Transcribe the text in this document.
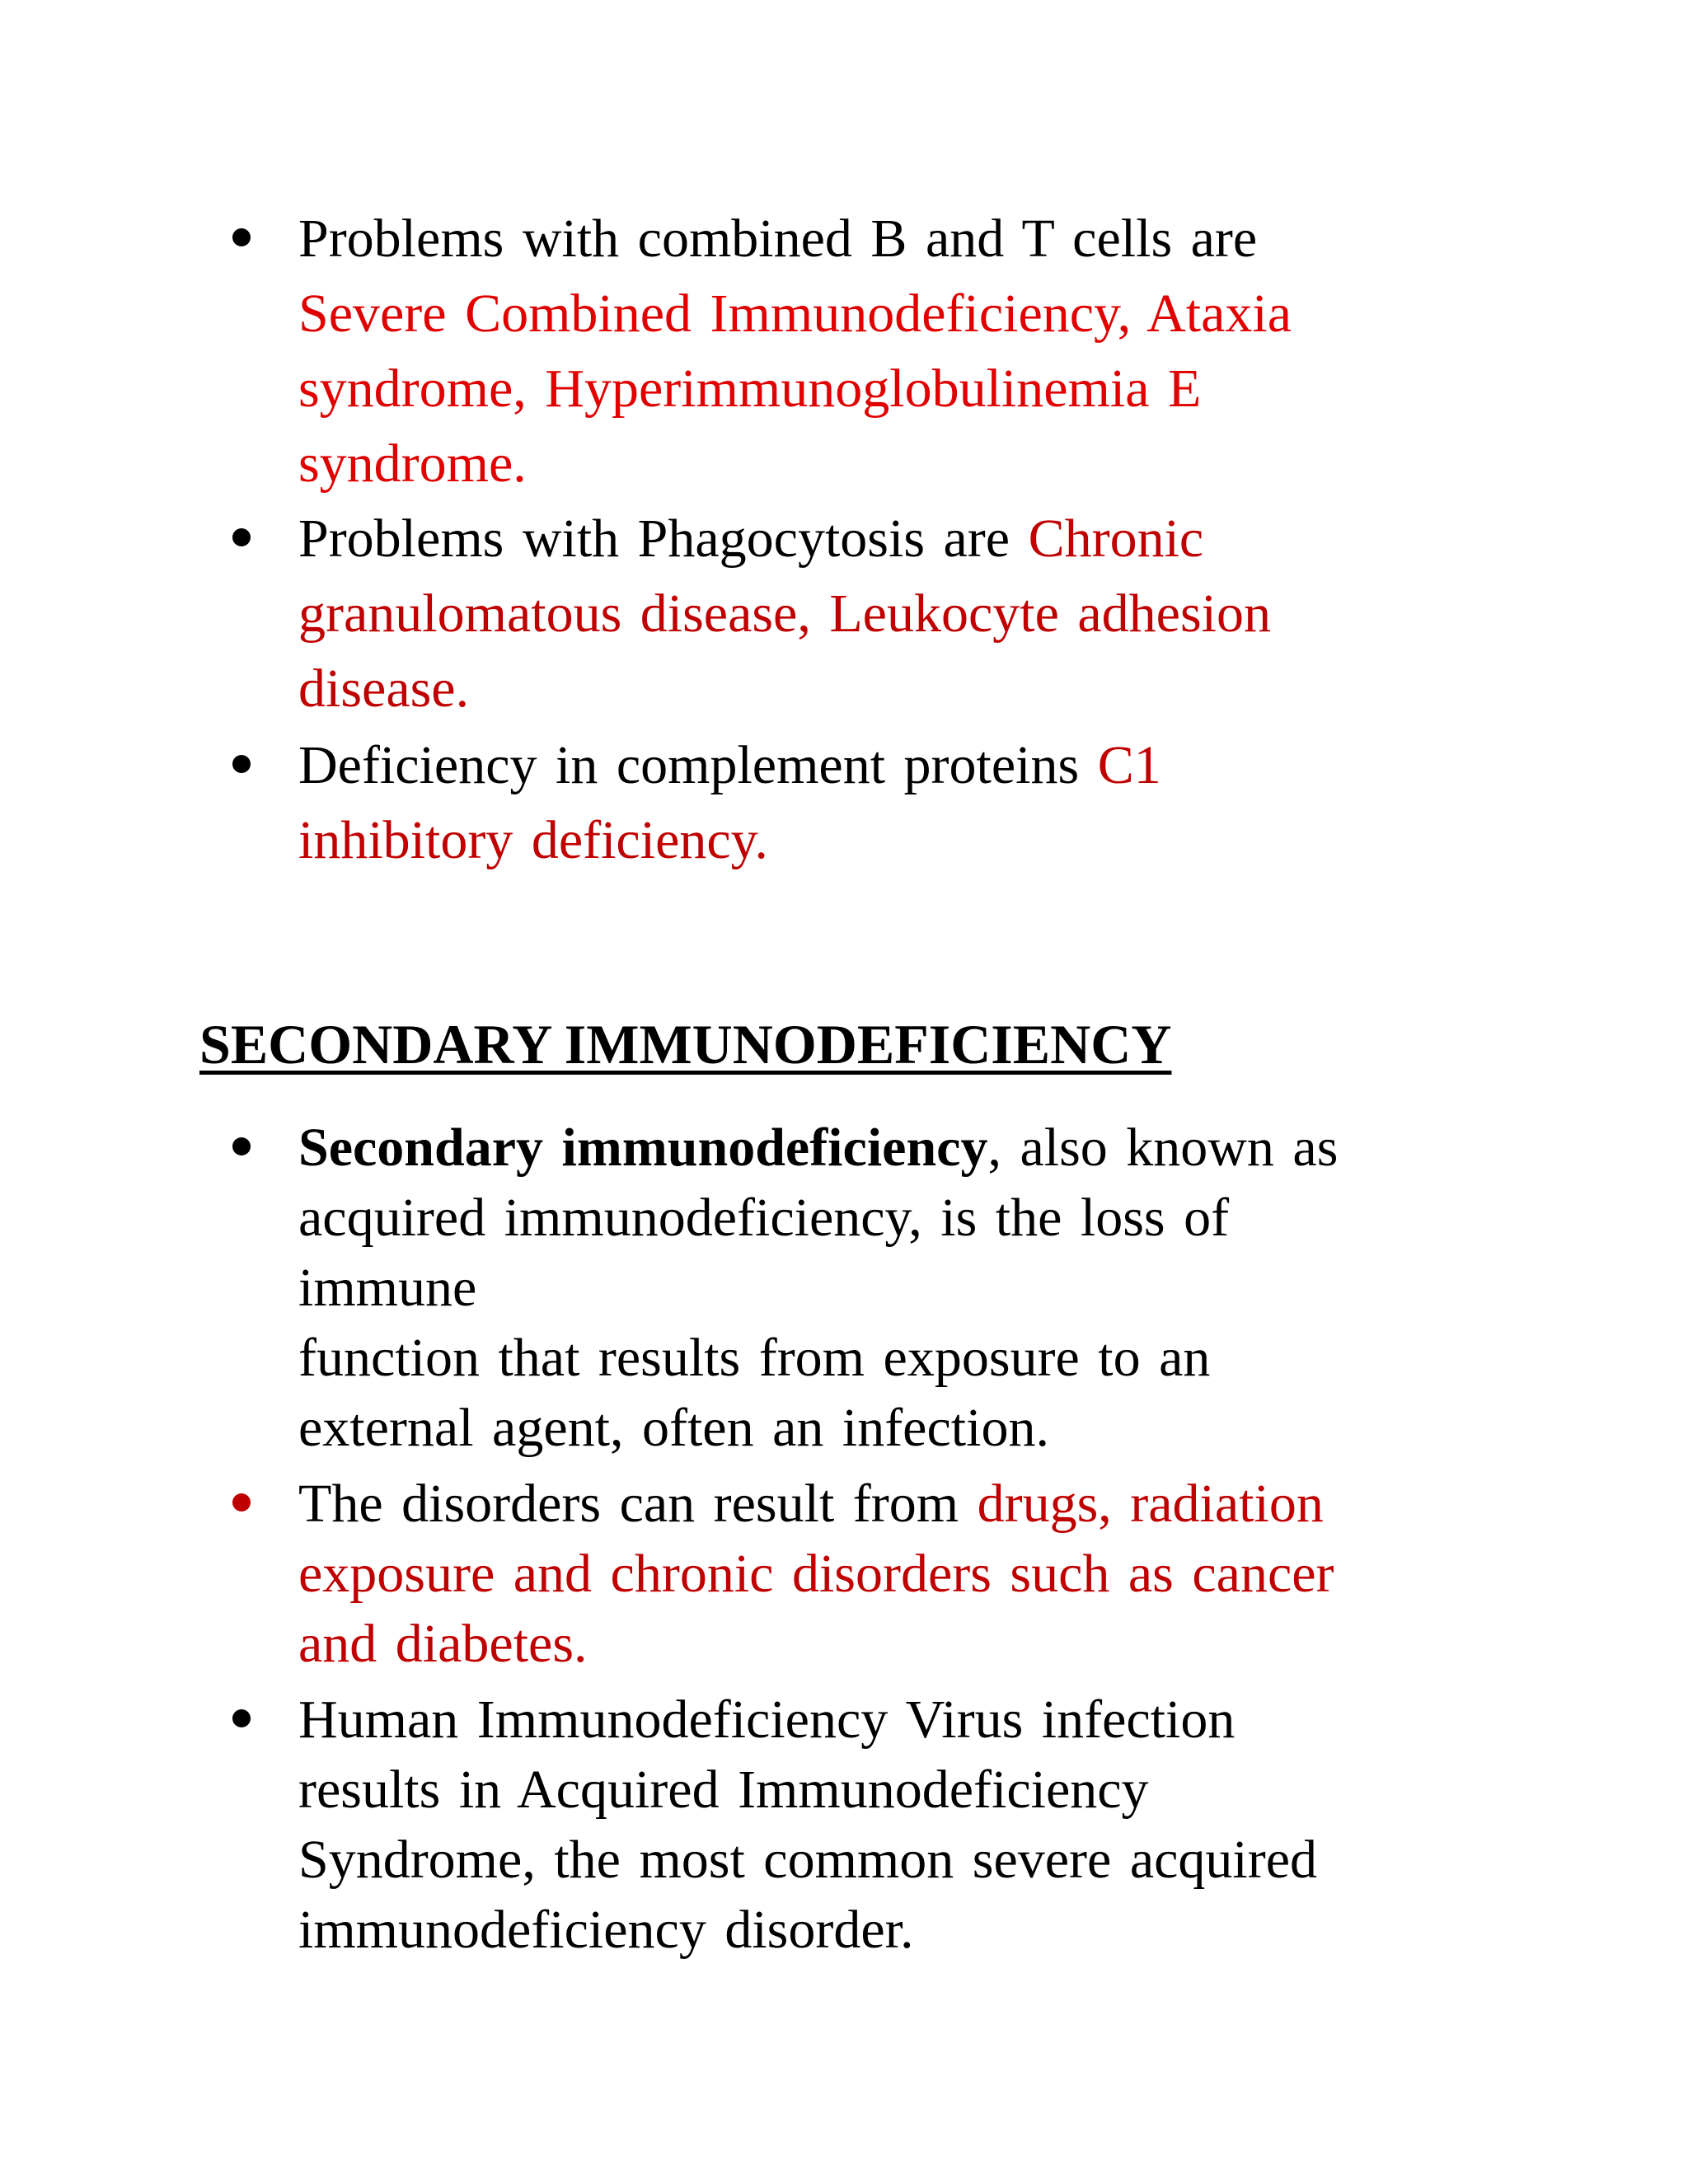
Problems with combined B and T cells are
Severe Combined Immunodeficiency, Ataxia
syndrome, Hyperimmunoglobulinemia E
syndrome.
Problems with Phagocytosis are Chronic
granulomatous disease, Leukocyte adhesion
disease.
Deficiency in complement proteins C1
inhibitory deficiency.
SECONDARY IMMUNODEFICIENCY
Secondary immunodeficiency, also known as
acquired immunodeficiency, is the loss of
immune
function that results from exposure to an
external agent, often an infection.
The disorders can result from drugs, radiation
exposure and chronic disorders such as cancer
and diabetes.
Human Immunodeficiency Virus infection
results in Acquired Immunodeficiency
Syndrome, the most common severe acquired
immunodeficiency disorder.
